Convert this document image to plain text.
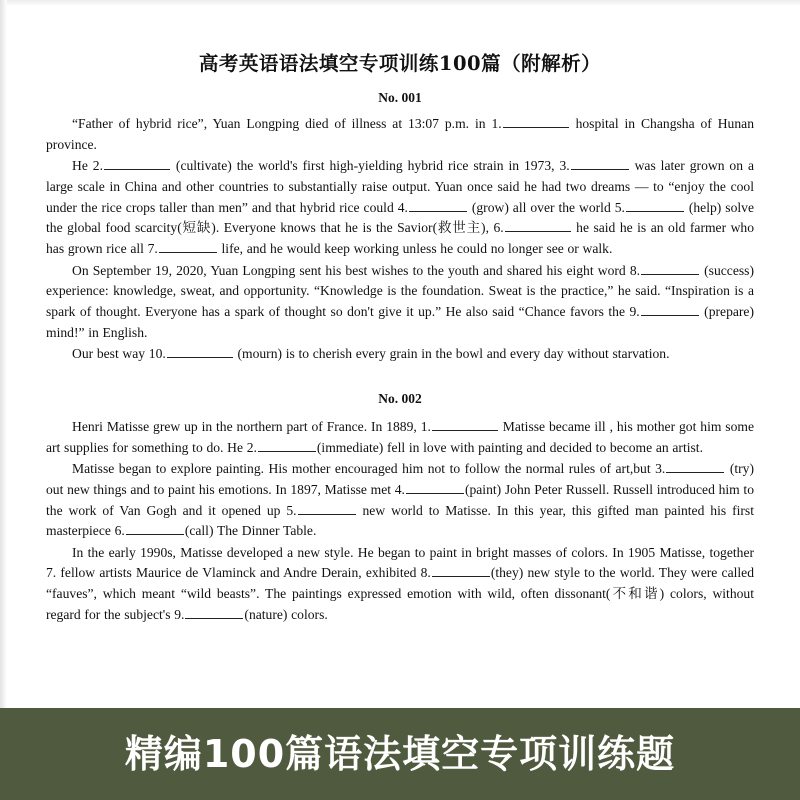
高考英语语法填空专项训练100篇（附解析）
No. 001

“Father of hybrid rice”, Yuan Longping died of illness at 13:07 p.m. in 1.	hospital in Changsha of Hunan province.

He 2.	(cultivate) the world's first high-yielding hybrid rice strain in 1973, 3.	was later grown on a large scale in China and other countries to substantially raise output. Yuan once said he had two dreams — to “enjoy the cool under the rice crops taller than men” and that hybrid rice could 4.	(grow) all over the world 5.	(help) solve the global food scarcity(短缺). Everyone knows that he is the Savior(救世主), 6.	he said he is an old farmer who has grown rice all 7.	life, and he would keep working unless he could no longer see or walk.

On September 19, 2020, Yuan Longping sent his best wishes to the youth and shared his eight word 8.	(success) experience: knowledge, sweat, and opportunity. “Knowledge is the foundation. Sweat is the practice,” he said. “Inspiration is a spark of thought. Everyone has a spark of thought so don't give it up.” He also said “Chance favors the 9.	(prepare) mind!” in English.

Our best way 10.	(mourn) is to cherish every grain in the bowl and every day without starvation.

No. 002

Henri Matisse grew up in the northern part of France. In 1889, 1.	Matisse became ill , his mother got him some art supplies for something to do. He 2.	(immediate) fell in love with painting and decided to become an artist.

Matisse began to explore painting. His mother encouraged him not to follow the normal rules of art,but 3.	(try) out new things and to paint his emotions. In 1897, Matisse met 4.	(paint) John Peter Russell. Russell introduced him to the work of Van Gogh and it opened up 5.	new world to Matisse. In this year, this gifted man painted his first masterpiece 6.	(call) The Dinner Table.

In the early 1990s, Matisse developed a new style. He began to paint in bright masses of colors. In 1905 Matisse, together 7. fellow artists Maurice de Vlaminck and Andre Derain, exhibited 8.	(they) new style to the world. They were called “fauves”, which meant “wild beasts”. The paintings expressed emotion with wild, often dissonant(不和谐) colors, without regard for the subject's 9.	(nature) colors.

精编100篇语法填空专项训练题
